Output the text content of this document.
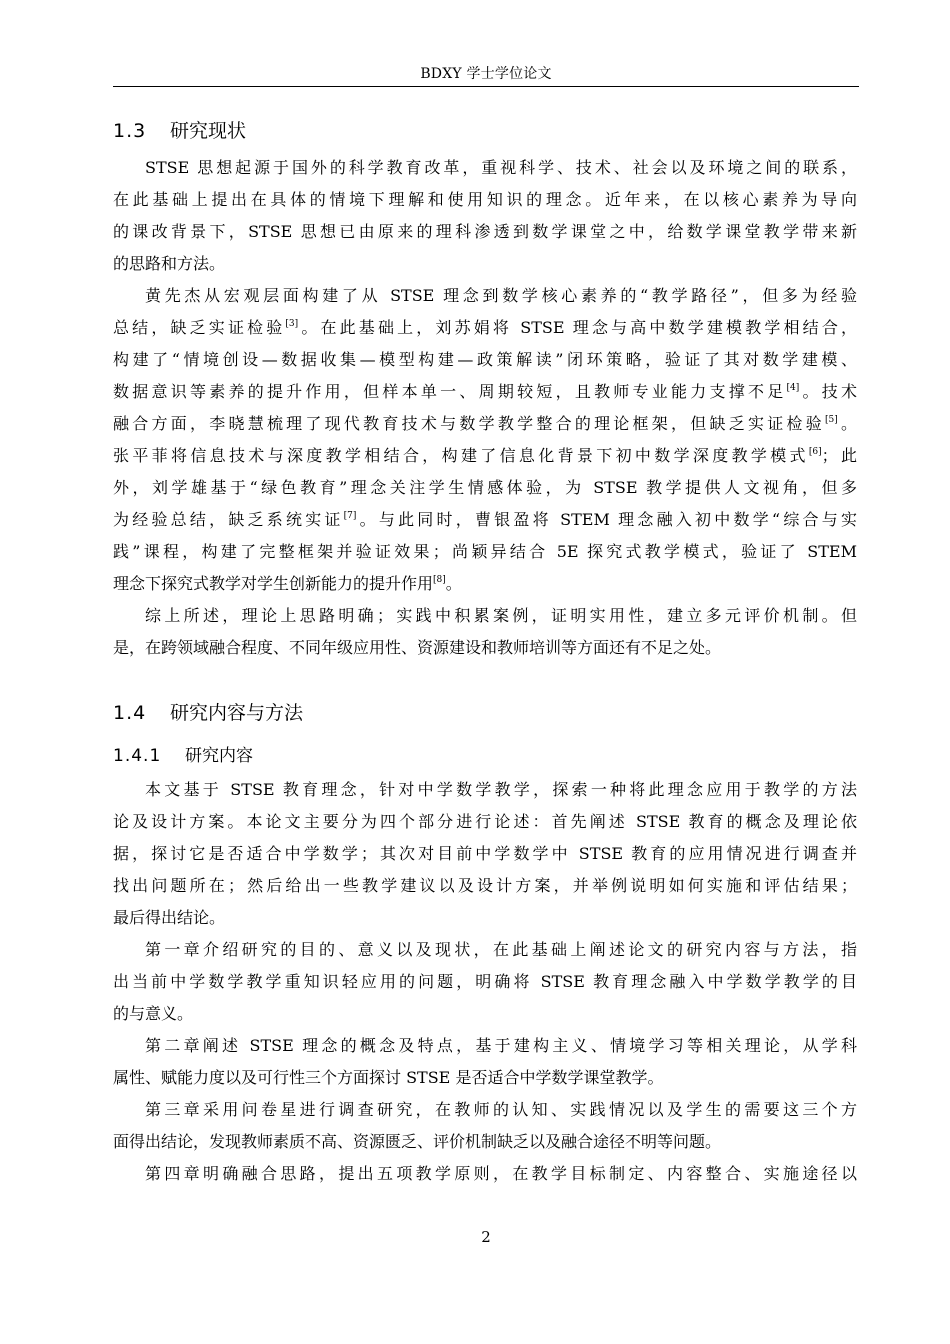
BDXY 学士学位论文
1.3 研究现状
STSE 思想起源于国外的科学教育改革，重视科学、技术、社会以及环境之间的联系，
在此基础上提出在具体的情境下理解和使用知识的理念。近年来，在以核心素养为导向
的课改背景下，STSE 思想已由原来的理科渗透到数学课堂之中，给数学课堂教学带来新
的思路和方法。
黄先杰从宏观层面构建了从 STSE 理念到数学核心素养的“教学路径”，但多为经验
总结，缺乏实证检验[3]。在此基础上，刘苏娟将 STSE 理念与高中数学建模教学相结合，
构建了“情境创设—数据收集—模型构建—政策解读”闭环策略，验证了其对数学建模、
数据意识等素养的提升作用，但样本单一、周期较短，且教师专业能力支撑不足[4]。技术
融合方面，李晓慧梳理了现代教育技术与数学教学整合的理论框架，但缺乏实证检验[5]。
张平菲将信息技术与深度教学相结合，构建了信息化背景下初中数学深度教学模式[6]；此
外，刘学雄基于“绿色教育”理念关注学生情感体验，为 STSE 教学提供人文视角，但多
为经验总结，缺乏系统实证[7]。与此同时，曹银盈将 STEM 理念融入初中数学“综合与实
践”课程，构建了完整框架并验证效果；尚颖异结合 5E 探究式教学模式，验证了 STEM
理念下探究式教学对学生创新能力的提升作用[8]。
综上所述，理论上思路明确；实践中积累案例，证明实用性，建立多元评价机制。但
是，在跨领域融合程度、不同年级应用性、资源建设和教师培训等方面还有不足之处。
1.4 研究内容与方法
1.4.1 研究内容
本文基于 STSE 教育理念，针对中学数学教学，探索一种将此理念应用于教学的方法
论及设计方案。本论文主要分为四个部分进行论述：首先阐述 STSE 教育的概念及理论依
据，探讨它是否适合中学数学；其次对目前中学数学中 STSE 教育的应用情况进行调查并
找出问题所在；然后给出一些教学建议以及设计方案，并举例说明如何实施和评估结果；
最后得出结论。
第一章介绍研究的目的、意义以及现状，在此基础上阐述论文的研究内容与方法，指
出当前中学数学教学重知识轻应用的问题，明确将 STSE 教育理念融入中学数学教学的目
的与意义。
第二章阐述 STSE 理念的概念及特点，基于建构主义、情境学习等相关理论，从学科
属性、赋能力度以及可行性三个方面探讨 STSE 是否适合中学数学课堂教学。
第三章采用问卷星进行调查研究，在教师的认知、实践情况以及学生的需要这三个方
面得出结论，发现教师素质不高、资源匮乏、评价机制缺乏以及融合途径不明等问题。
第四章明确融合思路，提出五项教学原则，在教学目标制定、内容整合、实施途径以
2
